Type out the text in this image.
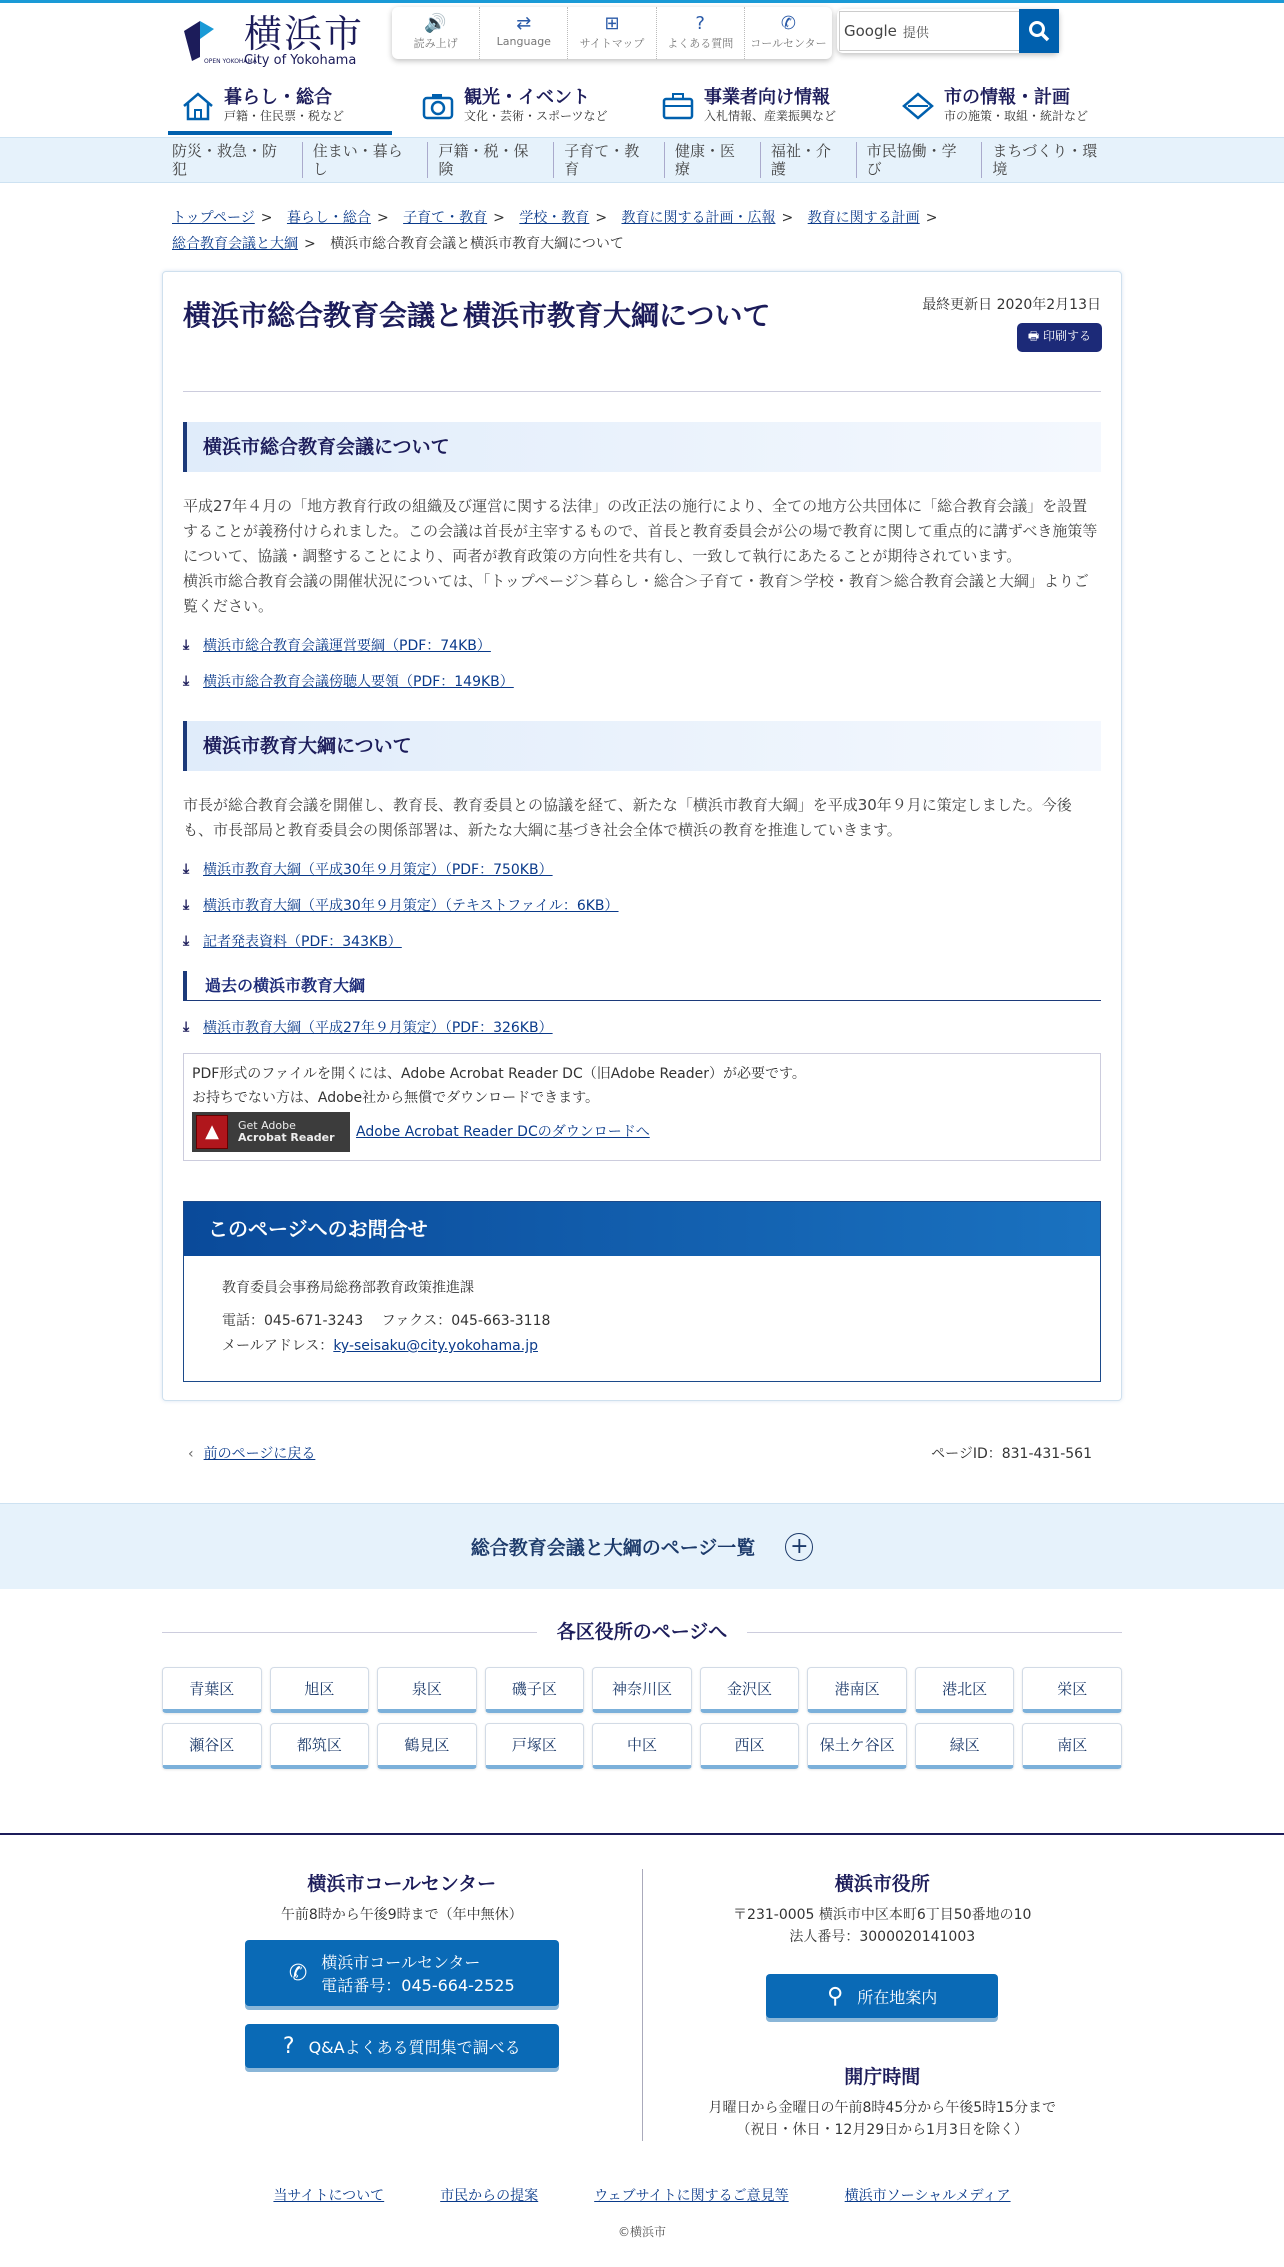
OPEN YOKOHAMA
横浜市
City of Yokohama
🔊
読み上げ
⇄
Language
⊞
サイトマップ
?
よくある質問
✆
コールセンター
Google 提供
暮らし・総合
戸籍・住民票・税など
観光・イベント
文化・芸術・スポーツなど
事業者向け情報
入札情報、産業振興など
市の情報・計画
市の施策・取組・統計など
防災・救急・防犯
住まい・暮らし
戸籍・税・保険
子育て・教育
健康・医療
福祉・介護
市民協働・学び
まちづくり・環境
トップページ > 暮らし・総合 > 子育て・教育 > 学校・教育 > 教育に関する計画・広報 > 教育に関する計画 >
総合教育会議と大綱 > 横浜市総合教育会議と横浜市教育大綱について
横浜市総合教育会議と横浜市教育大綱について	最終更新日 2020年2月13日
🖶 印刷する
横浜市総合教育会議について
平成27年４月の「地方教育行政の組織及び運営に関する法律」の改正法の施行により、全ての地方公共団体に「総合教育会議」を設置することが義務付けられました。この会議は首長が主宰するもので、首長と教育委員会が公の場で教育に関して重点的に講ずべき施策等について、協議・調整することにより、両者が教育政策の方向性を共有し、一致して執行にあたることが期待されています。
横浜市総合教育会議の開催状況については、「トップページ＞暮らし・総合＞子育て・教育＞学校・教育＞総合教育会議と大綱」よりご覧ください。
⤓ 横浜市総合教育会議運営要綱（PDF：74KB）
⤓ 横浜市総合教育会議傍聴人要領（PDF：149KB）
横浜市教育大綱について
市長が総合教育会議を開催し、教育長、教育委員との協議を経て、新たな「横浜市教育大綱」を平成30年９月に策定しました。今後も、市長部局と教育委員会の関係部署は、新たな大綱に基づき社会全体で横浜の教育を推進していきます。
⤓ 横浜市教育大綱（平成30年９月策定）（PDF：750KB）
⤓ 横浜市教育大綱（平成30年９月策定）（テキストファイル：6KB）
⤓ 記者発表資料（PDF：343KB）
過去の横浜市教育大綱
⤓ 横浜市教育大綱（平成27年９月策定）（PDF：326KB）
PDF形式のファイルを開くには、Adobe Acrobat Reader DC（旧Adobe Reader）が必要です。
お持ちでない方は、Adobe社から無償でダウンロードできます。
▲	Get Adobe
Acrobat Reader Adobe Acrobat Reader DCのダウンロードへ
このページへのお問合せ
教育委員会事務局総務部教育政策推進課
電話：045-671-3243　 ファクス：045-663-3118
メールアドレス：ky-seisaku@city.yokohama.jp
‹ 前のページに戻る	ページID：831-431-561
総合教育会議と大綱のページ一覧 +
各区役所のページへ
青葉区	旭区	泉区	磯子区	神奈川区	金沢区	港南区	港北区	栄区
瀬谷区	都筑区	鶴見区	戸塚区	中区	西区	保土ケ谷区	緑区	南区
横浜市コールセンター
午前8時から午後9時まで（年中無休）
✆ 横浜市コールセンター
電話番号：045-664-2525
? Q&Aよくある質問集で調べる
横浜市役所
〒231-0005 横浜市中区本町6丁目50番地の10
法人番号：3000020141003
⚲ 所在地案内
開庁時間
月曜日から金曜日の午前8時45分から午後5時15分まで
（祝日・休日・12月29日から1月3日を除く）
当サイトについて	市民からの提案	ウェブサイトに関するご意見等	横浜市ソーシャルメディア
©横浜市
